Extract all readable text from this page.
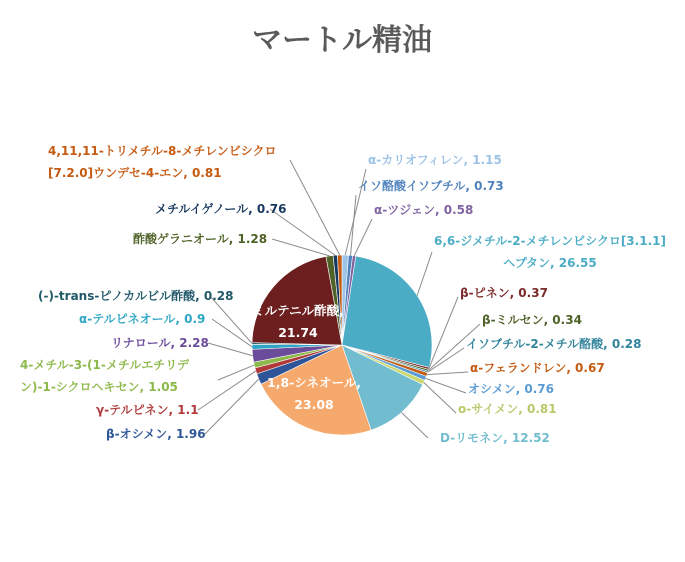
マートル精油
α-カリオフィレン, 1.15
イソ酪酸イソブチル, 0.73
α-ツジェン, 0.58
6,6-ジメチル-2-メチレンビシクロ[3.1.1]ヘプタン, 26.55
β-ピネン, 0.37
β-ミルセン, 0.34
イソブチル-2-メチル酪酸, 0.28
α-フェランドレン, 0.67
オシメン, 0.76
o-サイメン, 0.81
D-リモネン, 12.52
1,8-シネオール, 23.08
β-オシメン, 1.96
γ-テルピネン, 1.1
4-メチル-3-(1-メチルエチリデン)-1-シクロヘキセン, 1.05
リナロール, 2.28
α-テルピネオール, 0.9
(-)-trans-ピノカルビル酢酸, 0.28
ミルテニル酢酸, 21.74
酢酸ゲラニオール, 1.28
メチルイゲノール, 0.76
4,11,11-トリメチル-8-メチレンビシクロ[7.2.0]ウンデセ-4-エン, 0.81
